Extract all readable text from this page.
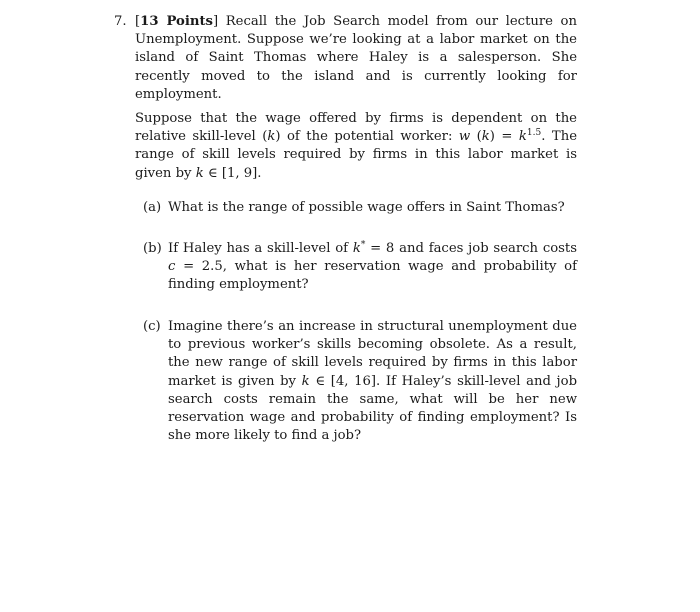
7. [13 Points] Recall the Job Search model from our lecture on Unemployment. Suppose we’re looking at a labor market on the island of Saint Thomas where Haley is a salesperson. She recently moved to the island and is currently looking for employment.
Suppose that the wage offered by firms is dependent on the relative skill-level (k) of the potential worker: w $(k) = k^{1.5}$. The range of skill levels required by firms in this labor market is given by k ∈ [1, 9].
(a) What is the range of possible wage offers in Saint Thomas?
(b) If Haley has a skill-level of k* = 8 and faces job search costs c = 2.5, what is her reservation wage and probability of finding employment?
(c) Imagine there’s an increase in structural unemployment due to previous worker’s skills becoming obsolete. As a result, the new range of skill levels required by firms in this labor market is given by k ∈ [4, 16]. If Haley’s skill-level and job search costs remain the same, what will be her new reservation wage and probability of finding employment? Is she more likely to find a job?
